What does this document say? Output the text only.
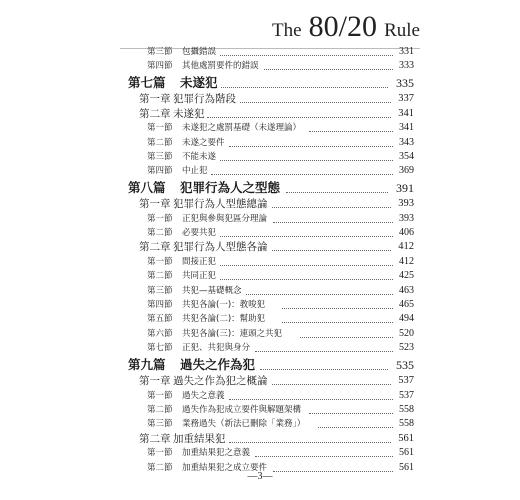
The 80/20 Rule
第三節 包攝錯誤	331
第四節 其他處罰要件的錯誤	333
第七篇 未遂犯	335
第一章 犯罪行為階段	337
第二章 未遂犯	341
第一節 未遂犯之處罰基礎（未遂理論）	341
第二節 未遂之要件	343
第三節 不能未遂	354
第四節 中止犯	369
第八篇 犯罪行為人之型態	391
第一章 犯罪行為人型態總論	393
第一節 正犯與參與犯區分理論	393
第二節 必要共犯	406
第二章 犯罪行為人型態各論	412
第一節 間接正犯	412
第二節 共同正犯	425
第三節 共犯—基礎概念	463
第四節 共犯各論(一)：教唆犯	465
第五節 共犯各論(二)：幫助犯	494
第六節 共犯各論(三)：連頭之共犯	520
第七節 正犯、共犯與身分	523
第九篇 過失之作為犯	535
第一章 過失之作為犯之概論	537
第一節 過失之意義	537
第二節 過失作為犯成立要件與解題架構	558
第三節 業務過失（新法已刪除「業務」）	558
第二章 加重結果犯	561
第一節 加重結果犯之意義	561
第二節 加重結果犯之成立要件	561
—3—
